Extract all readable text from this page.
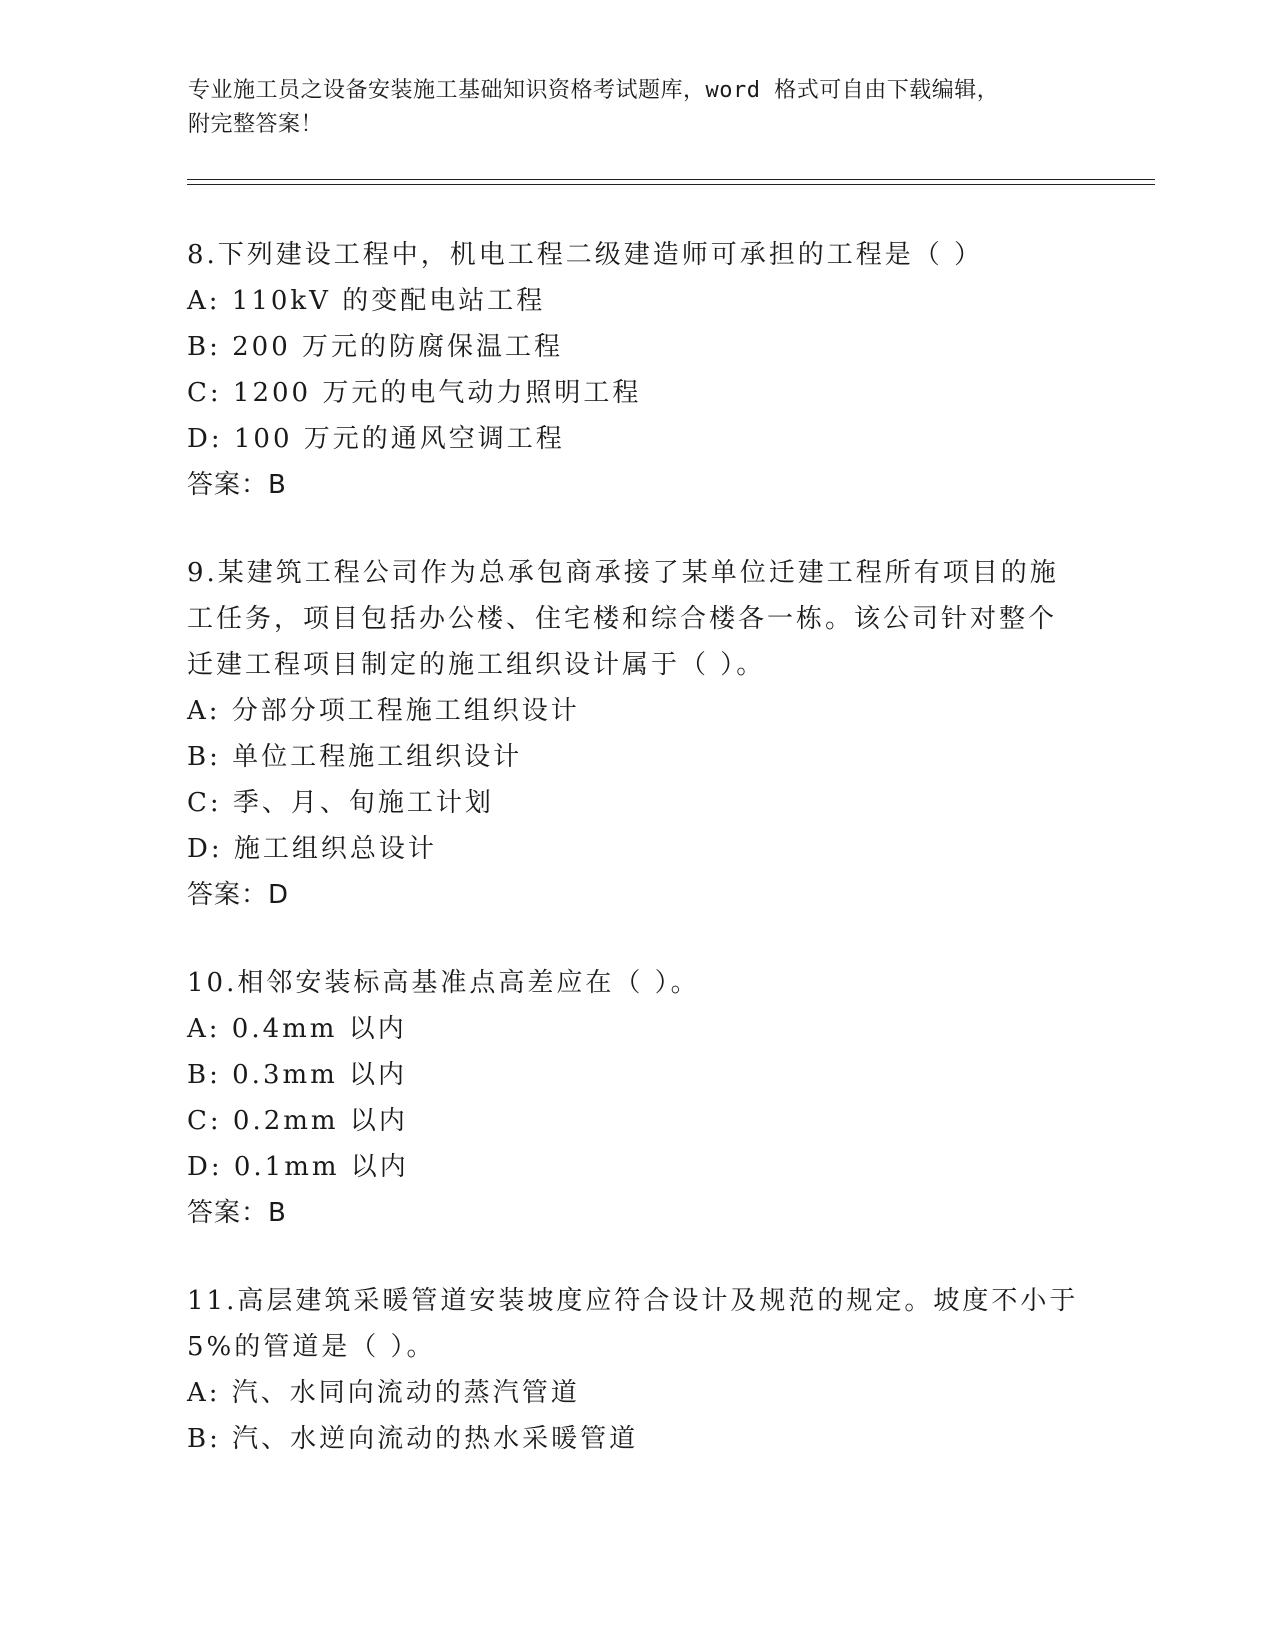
专业施工员之设备安装施工基础知识资格考试题库，word 格式可自由下载编辑，
附完整答案！
8.下列建设工程中，机电工程二级建造师可承担的工程是（ ）
A: 110kV 的变配电站工程
B: 200 万元的防腐保温工程
C: 1200 万元的电气动力照明工程
D: 100 万元的通风空调工程
答案：B
9.某建筑工程公司作为总承包商承接了某单位迁建工程所有项目的施
工任务，项目包括办公楼、住宅楼和综合楼各一栋。该公司针对整个
迁建工程项目制定的施工组织设计属于（ ）。
A: 分部分项工程施工组织设计
B: 单位工程施工组织设计
C: 季、月、旬施工计划
D: 施工组织总设计
答案：D
10.相邻安装标高基准点高差应在（ ）。
A: 0.4mm 以内
B: 0.3mm 以内
C: 0.2mm 以内
D: 0.1mm 以内
答案：B
11.高层建筑采暖管道安装坡度应符合设计及规范的规定。坡度不小于
5%的管道是（ ）。
A: 汽、水同向流动的蒸汽管道
B: 汽、水逆向流动的热水采暖管道
